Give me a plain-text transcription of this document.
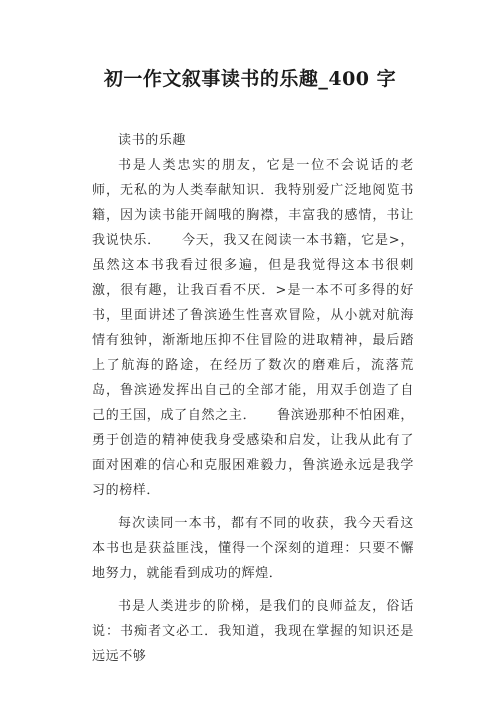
初一作文叙事读书的乐趣_400 字

读书的乐趣

书是人类忠实的朋友，它是一位不会说话的老师，无私的为人类奉献知识．我特别爱广泛地阅览书籍，因为读书能开阔哦的胸襟，丰富我的感情，书让我说快乐．　　今天，我又在阅读一本书籍，它是>，虽然这本书我看过很多遍，但是我觉得这本书很刺激，很有趣，让我百看不厌．>是一本不可多得的好书，里面讲述了鲁滨逊生性喜欢冒险，从小就对航海情有独钟，渐渐地压抑不住冒险的进取精神，最后踏上了航海的路途，在经历了数次的磨难后，流落荒岛，鲁滨逊发挥出自己的全部才能，用双手创造了自己的王国，成了自然之主．　　鲁滨逊那种不怕困难，勇于创造的精神使我身受感染和启发，让我从此有了面对困难的信心和克服困难毅力，鲁滨逊永远是我学习的榜样．

每次读同一本书，都有不同的收获，我今天看这本书也是获益匪浅，懂得一个深刻的道理：只要不懈地努力，就能看到成功的辉煌．

书是人类进步的阶梯，是我们的良师益友，俗话说：书痴者文必工．我知道，我现在掌握的知识还是远远不够
